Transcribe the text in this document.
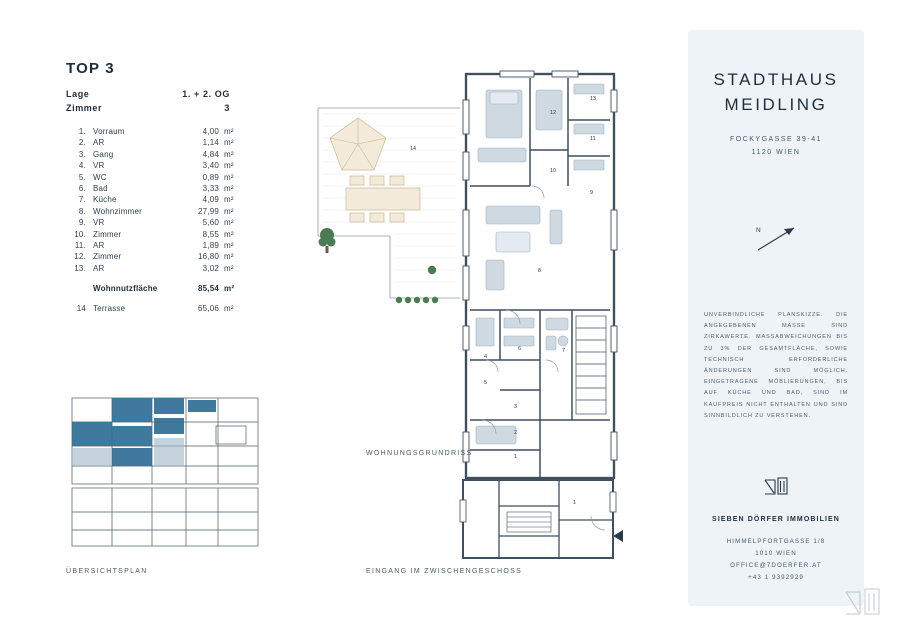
TOP 3
Lage	1. + 2. OG
Zimmer	3
1. Vorraum	4,00 m²
2. AR	1,14 m²
3. Gang	4,84 m²
4. VR	3,40 m²
5. WC	0,89 m²
6. Bad	3,33 m²
7. Küche	4,09 m²
8. Wohnzimmer	27,99 m²
9. VR	5,60 m²
10. Zimmer	8,55 m²
11. AR	1,89 m²
12. Zimmer	16,80 m²
13. AR	3,02 m²
Wohnnutzfläche	85,54 m²
14 Terrasse	65,06 m²
ÜBERSICHTSPLAN
1
2
3
4
5
6	7
8
9
10
11
12
13
14
WOHNUNGSGRUNDRISS
1
EINGANG IM ZWISCHENGESCHOSS
STADTHAUS
MEIDLING
FOCKYGASSE 39-41
1120 WIEN
N
UNVERBINDLICHE PLANSKIZZE. DIE ANGEGEBENEN MASSE SIND ZIRKAWERTE. MASSABWEICHUNGEN BIS ZU 3% DER GESAMTFLÄCHE, SOWIE TECHNISCH ERFORDERLICHE ÄNDERUNGEN SIND MÖGLICH. EINGETRAGENE MÖBLIERUNGEN, BIS AUF KÜCHE UND BAD, SIND IM KAUFPREIS NICHT ENTHALTEN UND SIND SINNBILDLICH ZU VERSTEHEN.
SIEBEN DÖRFER IMMOBILIEN
HIMMELPFORTGASSE 1/8
1010 WIEN
OFFICE@7DOERFER.AT
+43 1 9392929
